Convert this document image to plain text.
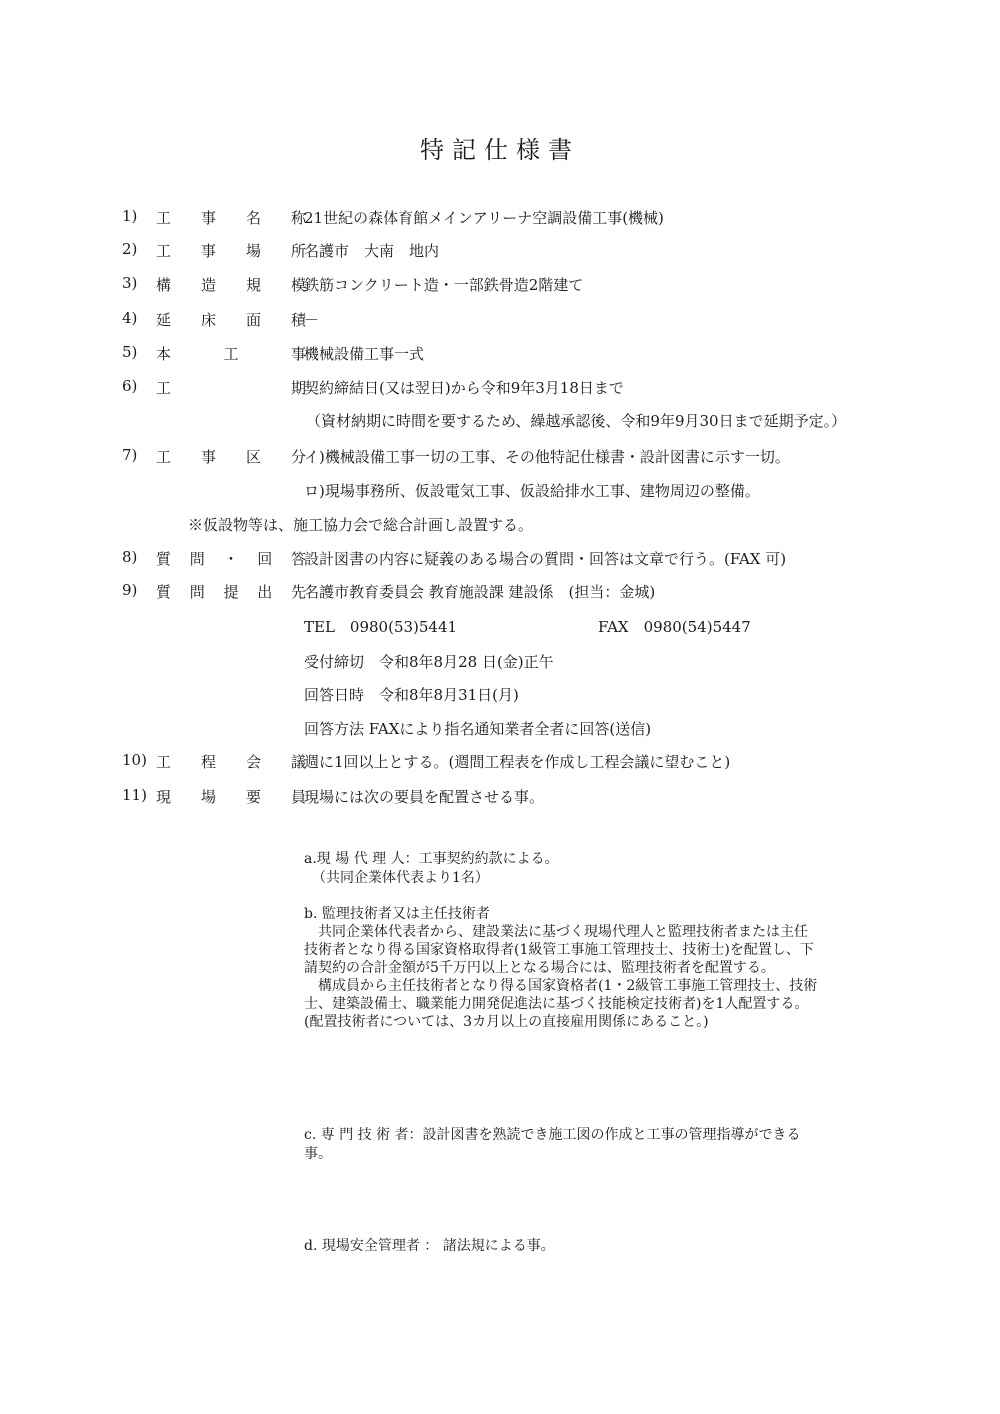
特記仕様書
1) 工 事 名 称
21世紀の森体育館メインアリーナ空調設備工事(機械)
2) 工 事 場 所
名護市　大南　地内
3) 構 造 規 模
鉄筋コンクリート造・一部鉄骨造2階建て
4) 延 床 面 積
－
5) 本	工	事
機械設備工事一式
6) 工	期
契約締結日(又は翌日)から令和9年3月18日まで
（資材納期に時間を要するため、繰越承認後、令和9年9月30日まで延期予定。）
7) 工 事 区 分
イ)機械設備工事一切の工事、その他特記仕様書・設計図書に示す一切。
ロ)現場事務所、仮設電気工事、仮設給排水工事、建物周辺の整備。
※仮設物等は、施工協力会で総合計画し設置する。
8) 質 問 ・ 回 答
設計図書の内容に疑義のある場合の質問・回答は文章で行う。(FAX 可)
9) 質 問 提 出 先
名護市教育委員会 教育施設課 建設係　(担当：金城)
TEL　0980(53)5441	FAX　0980(54)5447
受付締切　令和8年8月28 日(金)正午
回答日時　令和8年8月31日(月)
回答方法 FAXにより指名通知業者全者に回答(送信)
10) 工 程 会 議
週に1回以上とする。(週間工程表を作成し工程会議に望むこと)
11) 現 場 要 員
現場には次の要員を配置させる事。
a.現 場 代 理 人：工事契約約款による。
（共同企業体代表より1名）
b. 監理技術者又は主任技術者
　共同企業体代表者から、建設業法に基づく現場代理人と監理技術者または主任
技術者となり得る国家資格取得者(1級管工事施工管理技士、技術士)を配置し、下
請契約の合計金額が5千万円以上となる場合には、監理技術者を配置する。
　構成員から主任技術者となり得る国家資格者(1・2級管工事施工管理技士、技術
士、建築設備士、職業能力開発促進法に基づく技能検定技術者)を1人配置する。
(配置技術者については、3カ月以上の直接雇用関係にあること。)
c. 専 門 技 術 者：設計図書を熟読でき施工図の作成と工事の管理指導ができる
事。
d. 現場安全管理者 ： 諸法規による事。
